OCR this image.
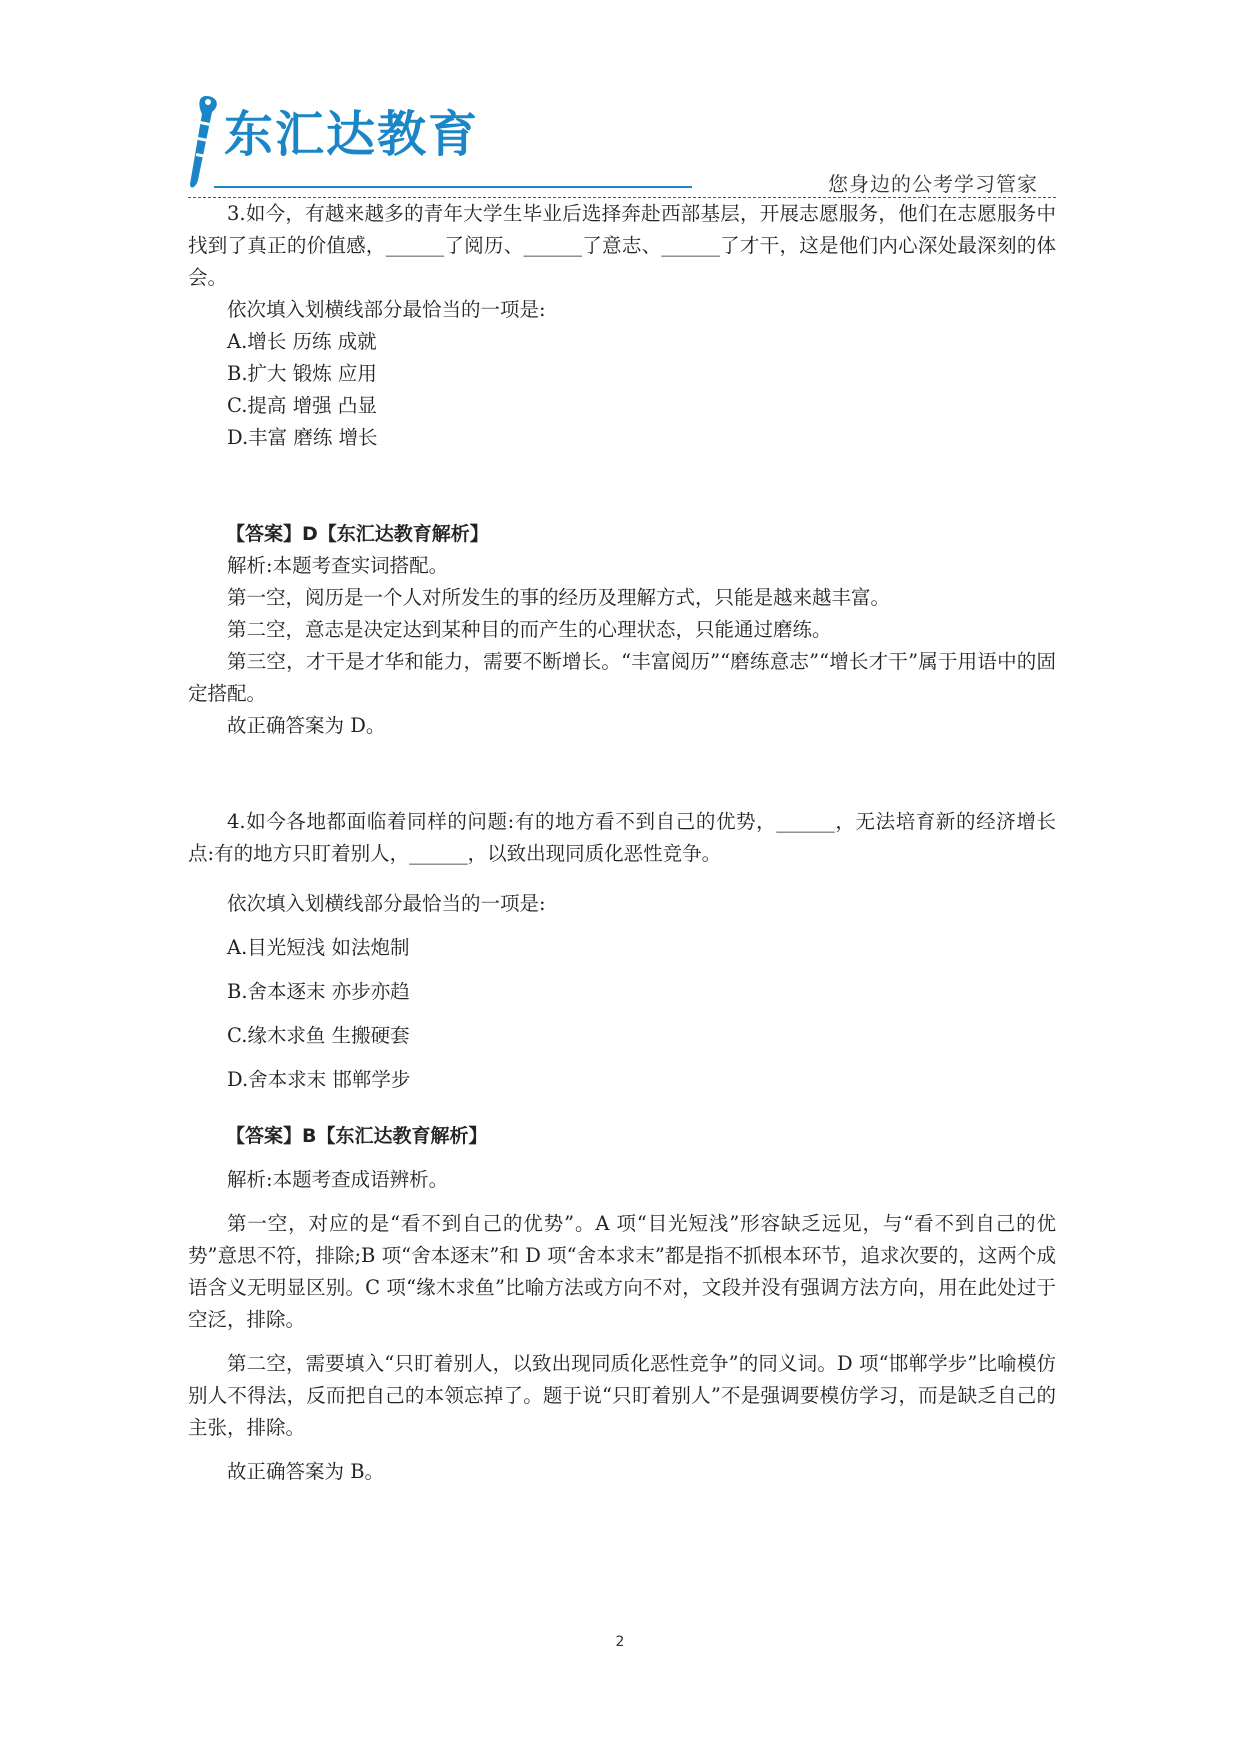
东汇达教育
您身边的公考学习管家

3.如今，有越来越多的青年大学生毕业后选择奔赴西部基层，开展志愿服务，他们在志愿服务中找到了真正的价值感，______了阅历、______了意志、______了才干，这是他们内心深处最深刻的体会。

依次填入划横线部分最恰当的一项是:

A.增长 历练 成就

B.扩大 锻炼 应用

C.提高 增强 凸显

D.丰富 磨练 增长

【答案】D【东汇达教育解析】

解析:本题考查实词搭配。

第一空，阅历是一个人对所发生的事的经历及理解方式，只能是越来越丰富。

第二空，意志是决定达到某种目的而产生的心理状态，只能通过磨练。

第三空，才干是才华和能力，需要不断增长。“丰富阅历”“磨练意志”“增长才干”属于用语中的固定搭配。

故正确答案为 D。

4.如今各地都面临着同样的问题:有的地方看不到自己的优势，______，无法培育新的经济增长点:有的地方只盯着别人，______，以致出现同质化恶性竞争。

依次填入划横线部分最恰当的一项是:

A.目光短浅 如法炮制

B.舍本逐末 亦步亦趋

C.缘木求鱼 生搬硬套

D.舍本求末 邯郸学步

【答案】B【东汇达教育解析】

解析:本题考查成语辨析。

第一空，对应的是“看不到自己的优势”。A 项“目光短浅”形容缺乏远见，与“看不到自己的优势”意思不符，排除;B 项“舍本逐末”和 D 项“舍本求末”都是指不抓根本环节，追求次要的，这两个成语含义无明显区别。C 项“缘木求鱼”比喻方法或方向不对，文段并没有强调方法方向，用在此处过于空泛，排除。

第二空，需要填入“只盯着别人，以致出现同质化恶性竞争”的同义词。D 项“邯郸学步”比喻模仿别人不得法，反而把自己的本领忘掉了。题于说“只盯着别人”不是强调要模仿学习，而是缺乏自己的主张，排除。

故正确答案为 B。

2
